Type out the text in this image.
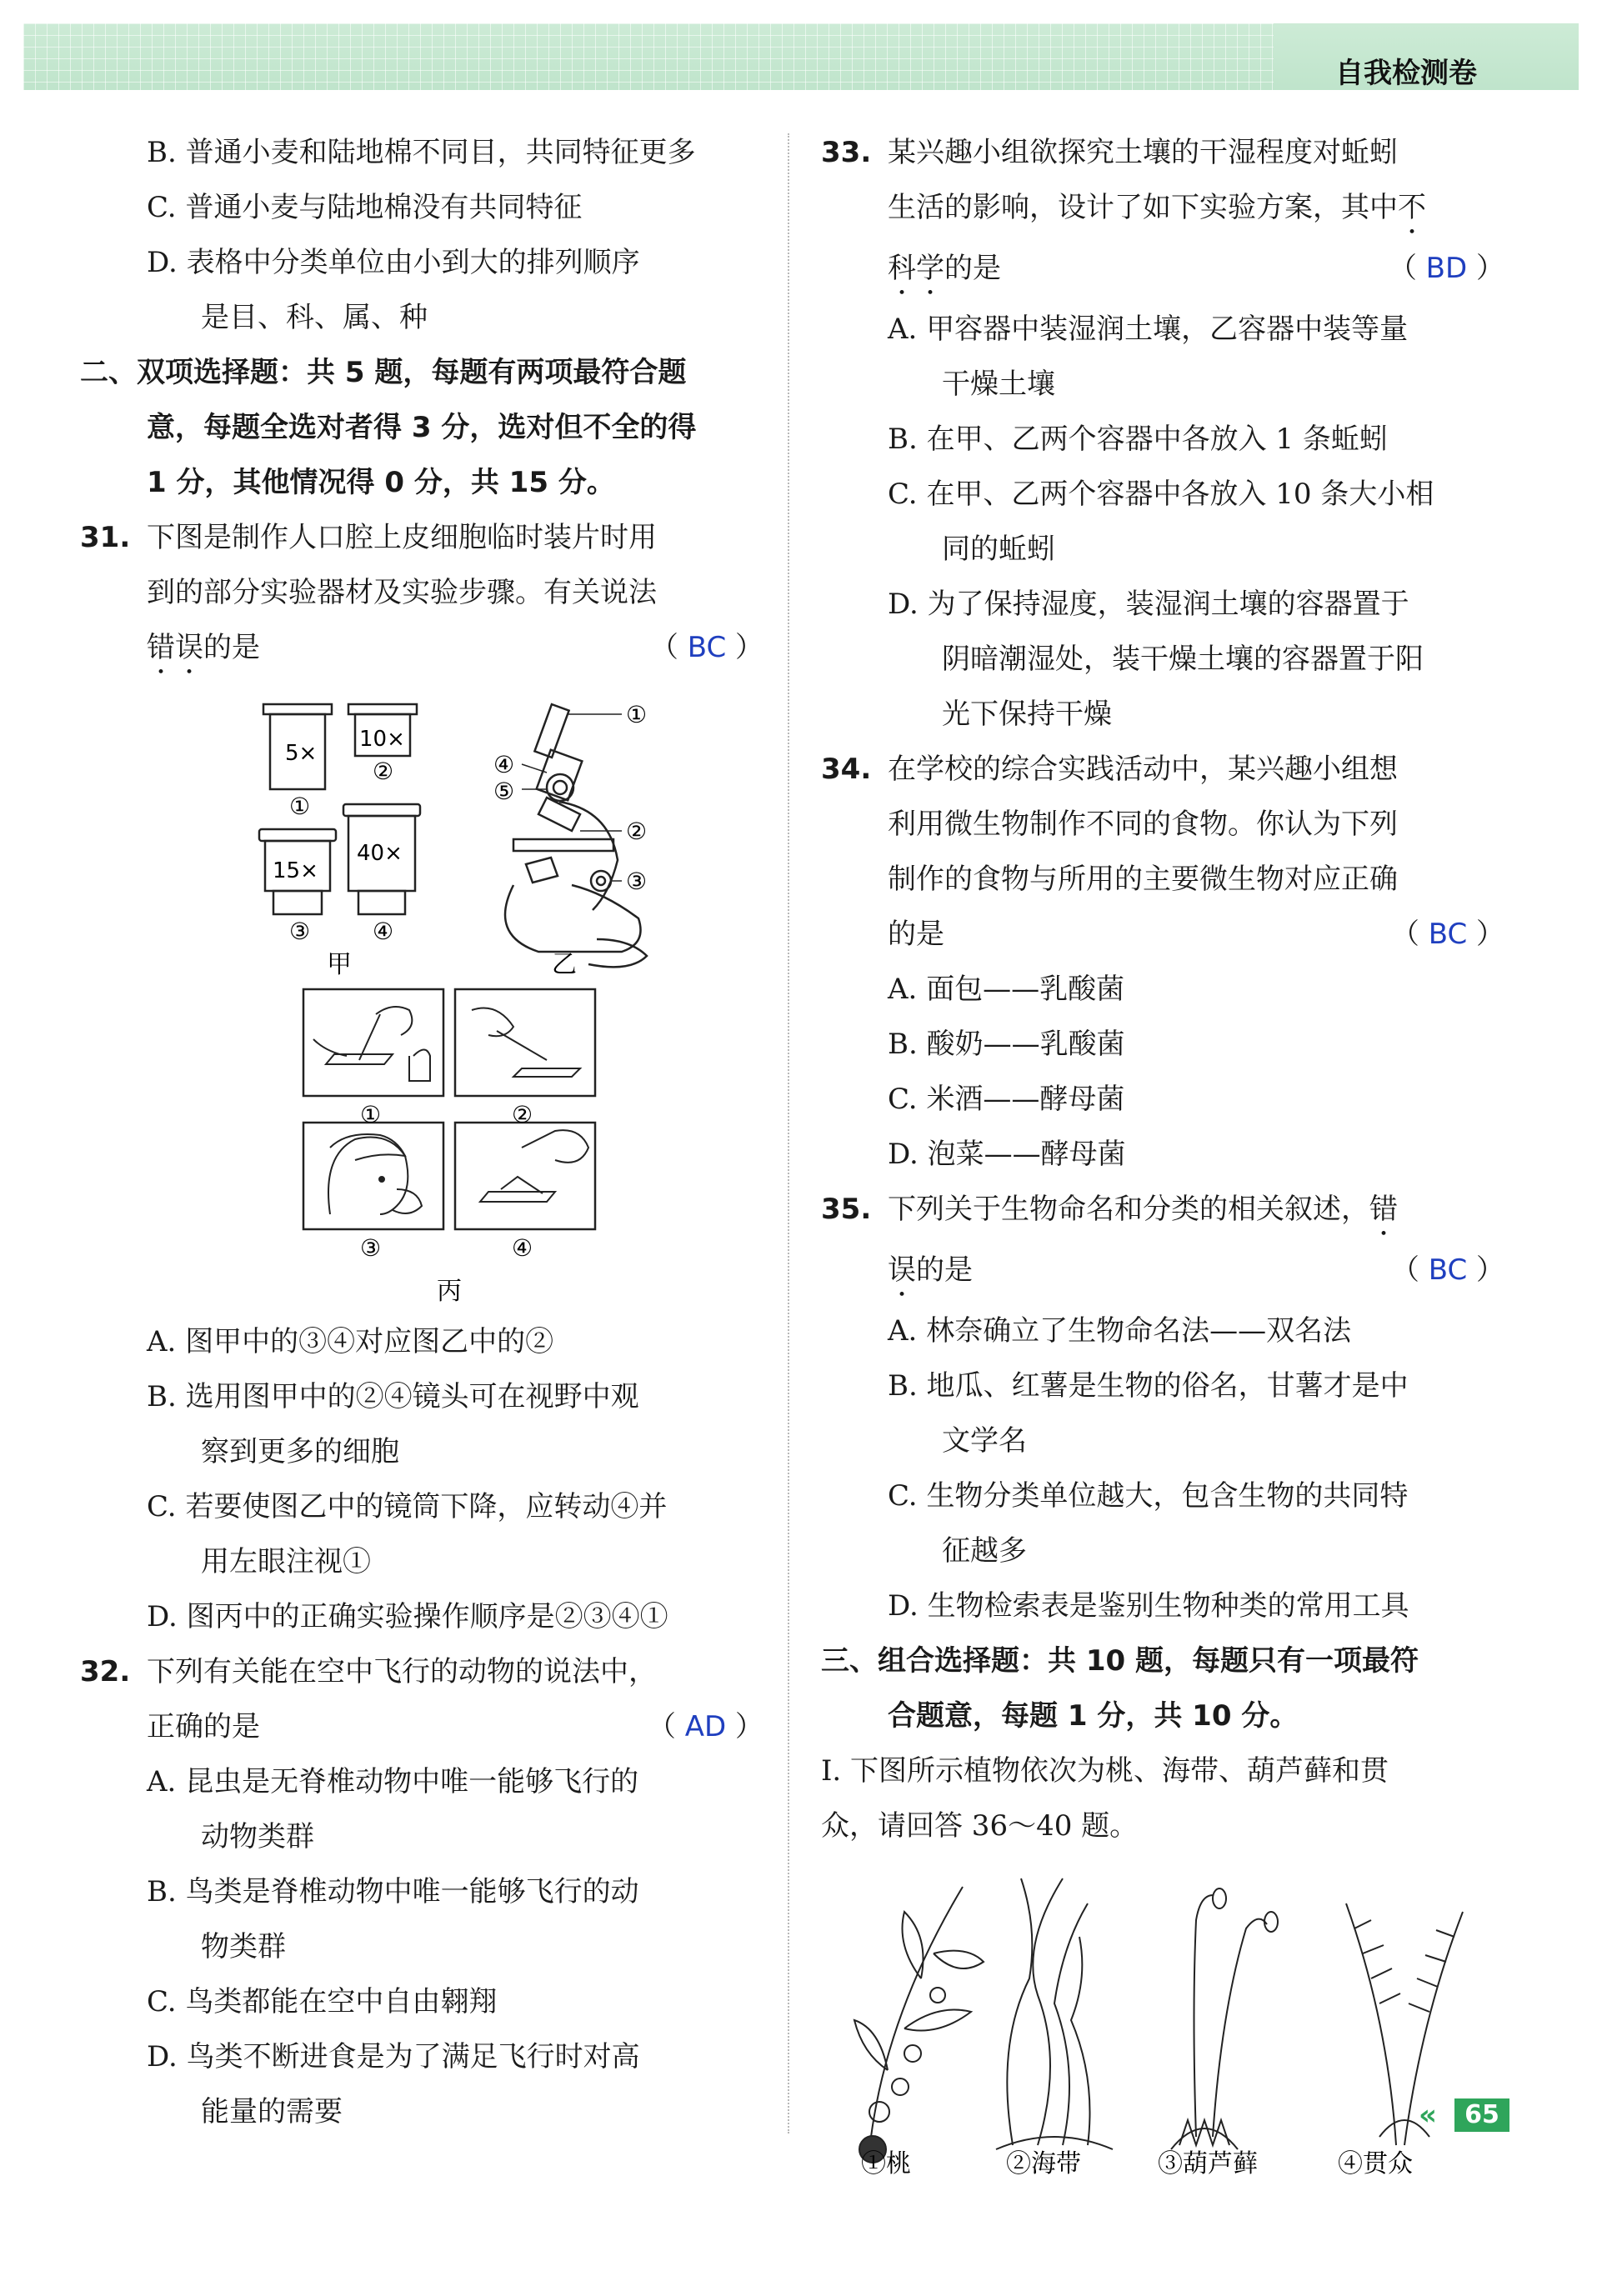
自我检测卷
B. 普通小麦和陆地棉不同目，共同特征更多
C. 普通小麦与陆地棉没有共同特征
D. 表格中分类单位由小到大的排列顺序
是目、科、属、种
二、双项选择题：共 5 题，每题有两项最符合题
意，每题全选对者得 3 分，选对但不全的得
1 分，其他情况得 0 分，共 15 分。
31. 下图是制作人口腔上皮细胞临时装片时用
到的部分实验器材及实验步骤。有关说法
错误的是	（ BC ）
5×
①
10×
②
15×
③
40×
④
甲
①
④
⑤
②
③
乙
①	②
③	④
丙
A. 图甲中的③④对应图乙中的②
B. 选用图甲中的②④镜头可在视野中观
察到更多的细胞
C. 若要使图乙中的镜筒下降，应转动④并
用左眼注视①
D. 图丙中的正确实验操作顺序是②③④①
32. 下列有关能在空中飞行的动物的说法中，
正确的是	（ AD ）
A. 昆虫是无脊椎动物中唯一能够飞行的
动物类群
B. 鸟类是脊椎动物中唯一能够飞行的动
物类群
C. 鸟类都能在空中自由翱翔
D. 鸟类不断进食是为了满足飞行时对高
能量的需要
33. 某兴趣小组欲探究土壤的干湿程度对蚯蚓
生活的影响，设计了如下实验方案，其中不
科学的是	（ BD ）
A. 甲容器中装湿润土壤，乙容器中装等量
干燥土壤
B. 在甲、乙两个容器中各放入 1 条蚯蚓
C. 在甲、乙两个容器中各放入 10 条大小相
同的蚯蚓
D. 为了保持湿度，装湿润土壤的容器置于
阴暗潮湿处，装干燥土壤的容器置于阳
光下保持干燥
34. 在学校的综合实践活动中，某兴趣小组想
利用微生物制作不同的食物。你认为下列
制作的食物与所用的主要微生物对应正确
的是	（ BC ）
A. 面包——乳酸菌
B. 酸奶——乳酸菌
C. 米酒——酵母菌
D. 泡菜——酵母菌
35. 下列关于生物命名和分类的相关叙述，错
误的是	（ BC ）
A. 林奈确立了生物命名法——双名法
B. 地瓜、红薯是生物的俗名，甘薯才是中
文学名
C. 生物分类单位越大，包含生物的共同特
征越多
D. 生物检索表是鉴别生物种类的常用工具
三、组合选择题：共 10 题，每题只有一项最符
合题意，每题 1 分，共 10 分。
Ⅰ. 下图所示植物依次为桃、海带、葫芦藓和贯
众，请回答 36～40 题。
①桃	②海带	③葫芦藓	④贯众
«	65
